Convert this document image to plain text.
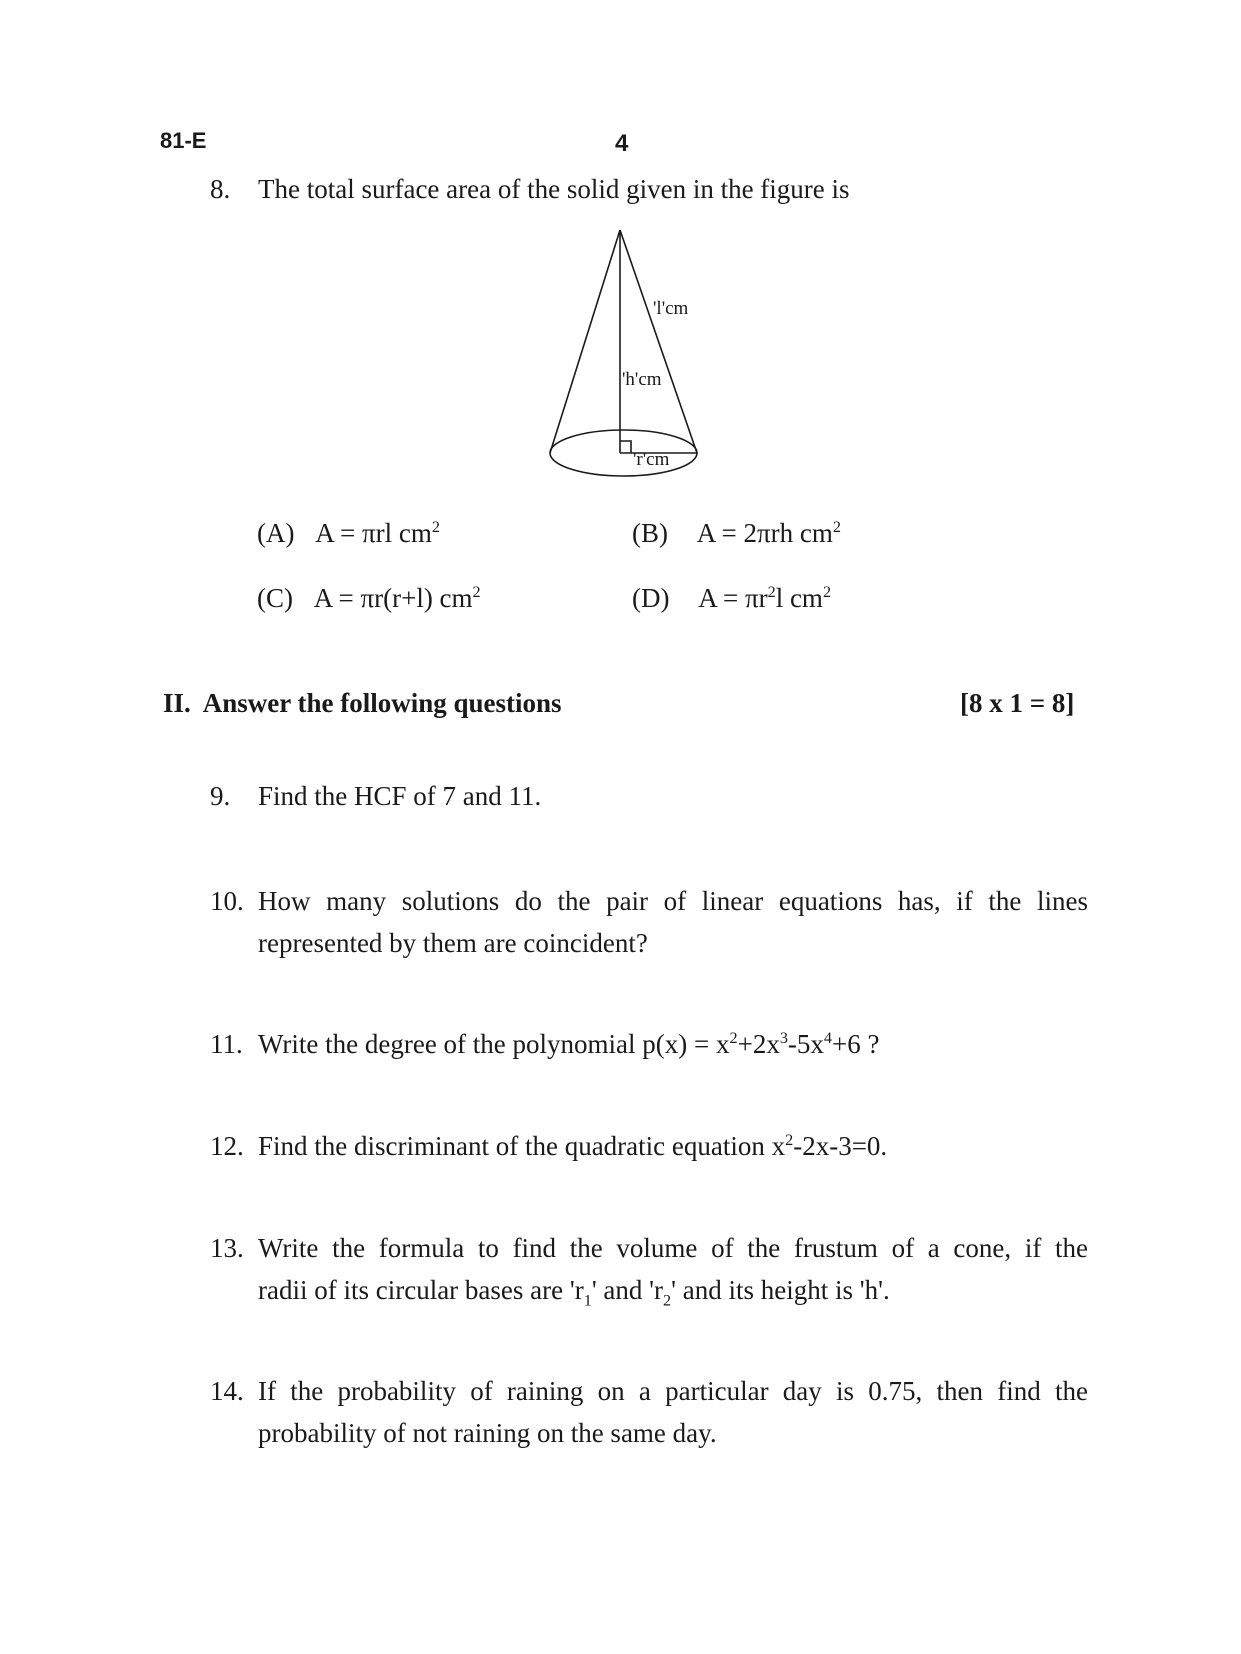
81-E	4
8. The total surface area of the solid given in the figure is
'l'cm
'h'cm
'r'cm
(A) A = πrl $cm^2$	(B) A = 2πrh $cm^2$
(C) A = πr(r+l) $cm^2$	(D) $A = \pi r^2l$ $cm^2$
II.  Answer the following questions	[8 x 1 = 8]
9. Find the HCF of 7 and 11.
10. How many solutions do the pair of linear equations has, if the lines
represented by them are coincident?
11. Write the degree of the polynomial $p(x) = x^2+2x^3-5x^4+6$ ?
12. Find the discriminant of the quadratic equation $x^2-2x-3=0$.
13. Write the formula to find the volume of the frustum of a cone, if the
radii of its circular bases are '$r_1$' and '$r_2$' and its height is 'h'.
14. If the probability of raining on a particular day is 0.75, then find the
probability of not raining on the same day.
